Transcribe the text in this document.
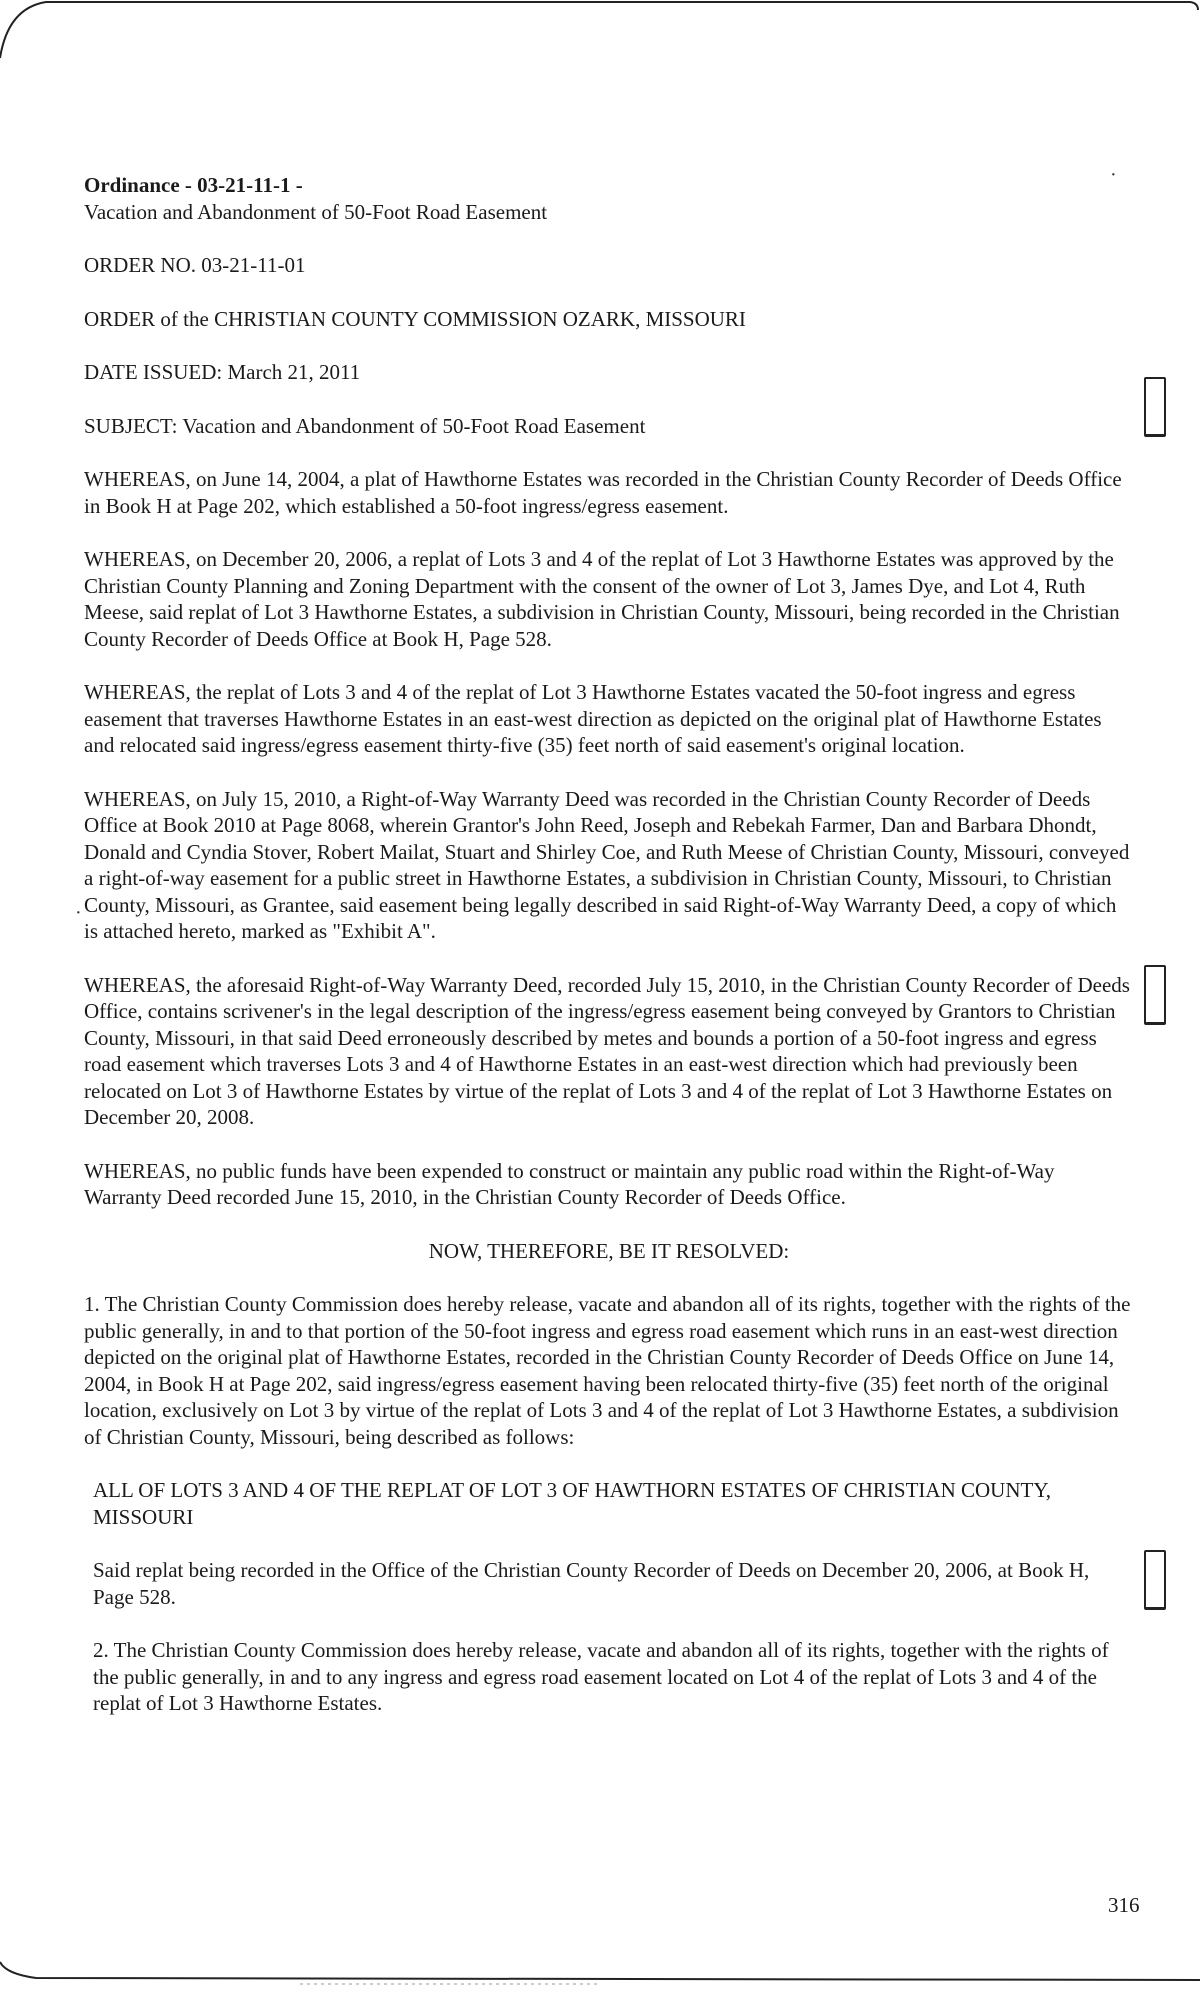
·
·

Ordinance - 03-21-11-1 -

Vacation and Abandonment of 50-Foot Road Easement

ORDER NO. 03-21-11-01

ORDER of the CHRISTIAN COUNTY COMMISSION OZARK, MISSOURI

DATE ISSUED: March 21, 2011

SUBJECT: Vacation and Abandonment of 50-Foot Road Easement

WHEREAS, on June 14, 2004, a plat of Hawthorne Estates was recorded in the Christian County Recorder of Deeds Office in Book H at Page 202, which established a 50-foot ingress/egress easement.

WHEREAS, on December 20, 2006, a replat of Lots 3 and 4 of the replat of Lot 3 Hawthorne Estates was approved by the Christian County Planning and Zoning Department with the consent of the owner of Lot 3, James Dye, and Lot 4, Ruth Meese, said replat of Lot 3 Hawthorne Estates, a subdivision in Christian County, Missouri, being recorded in the Christian County Recorder of Deeds Office at Book H, Page 528.

WHEREAS, the replat of Lots 3 and 4 of the replat of Lot 3 Hawthorne Estates vacated the 50-foot ingress and egress easement that traverses Hawthorne Estates in an east-west direction as depicted on the original plat of Hawthorne Estates and relocated said ingress/egress easement thirty-five (35) feet north of said easement's original location.

WHEREAS, on July 15, 2010, a Right-of-Way Warranty Deed was recorded in the Christian County Recorder of Deeds Office at Book 2010 at Page 8068, wherein Grantor's John Reed, Joseph and Rebekah Farmer, Dan and Barbara Dhondt, Donald and Cyndia Stover, Robert Mailat, Stuart and Shirley Coe, and Ruth Meese of Christian County, Missouri, conveyed a right-of-way easement for a public street in Hawthorne Estates, a subdivision in Christian County, Missouri, to Christian County, Missouri, as Grantee, said easement being legally described in said Right-of-Way Warranty Deed, a copy of which is attached hereto, marked as "Exhibit A".

WHEREAS, the aforesaid Right-of-Way Warranty Deed, recorded July 15, 2010, in the Christian County Recorder of Deeds Office, contains scrivener's in the legal description of the ingress/egress easement being conveyed by Grantors to Christian County, Missouri, in that said Deed erroneously described by metes and bounds a portion of a 50-foot ingress and egress road easement which traverses Lots 3 and 4 of Hawthorne Estates in an east-west direction which had previously been relocated on Lot 3 of Hawthorne Estates by virtue of the replat of Lots 3 and 4 of the replat of Lot 3 Hawthorne Estates on December 20, 2008.

WHEREAS, no public funds have been expended to construct or maintain any public road within the Right-of-Way Warranty Deed recorded June 15, 2010, in the Christian County Recorder of Deeds Office.

NOW, THEREFORE, BE IT RESOLVED:

1. The Christian County Commission does hereby release, vacate and abandon all of its rights, together with the rights of the public generally, in and to that portion of the 50-foot ingress and egress road easement which runs in an east-west direction depicted on the original plat of Hawthorne Estates, recorded in the Christian County Recorder of Deeds Office on June 14, 2004, in Book H at Page 202, said ingress/egress easement having been relocated thirty-five (35) feet north of the original location, exclusively on Lot 3 by virtue of the replat of Lots 3 and 4 of the replat of Lot 3 Hawthorne Estates, a subdivision of Christian County, Missouri, being described as follows:

ALL OF LOTS 3 AND 4 OF THE REPLAT OF LOT 3 OF HAWTHORN ESTATES OF CHRISTIAN COUNTY, MISSOURI

Said replat being recorded in the Office of the Christian County Recorder of Deeds on December 20, 2006, at Book H, Page 528.

2. The Christian County Commission does hereby release, vacate and abandon all of its rights, together with the rights of the public generally, in and to any ingress and egress road easement located on Lot 4 of the replat of Lots 3 and 4 of the replat of Lot 3 Hawthorne Estates.

316
